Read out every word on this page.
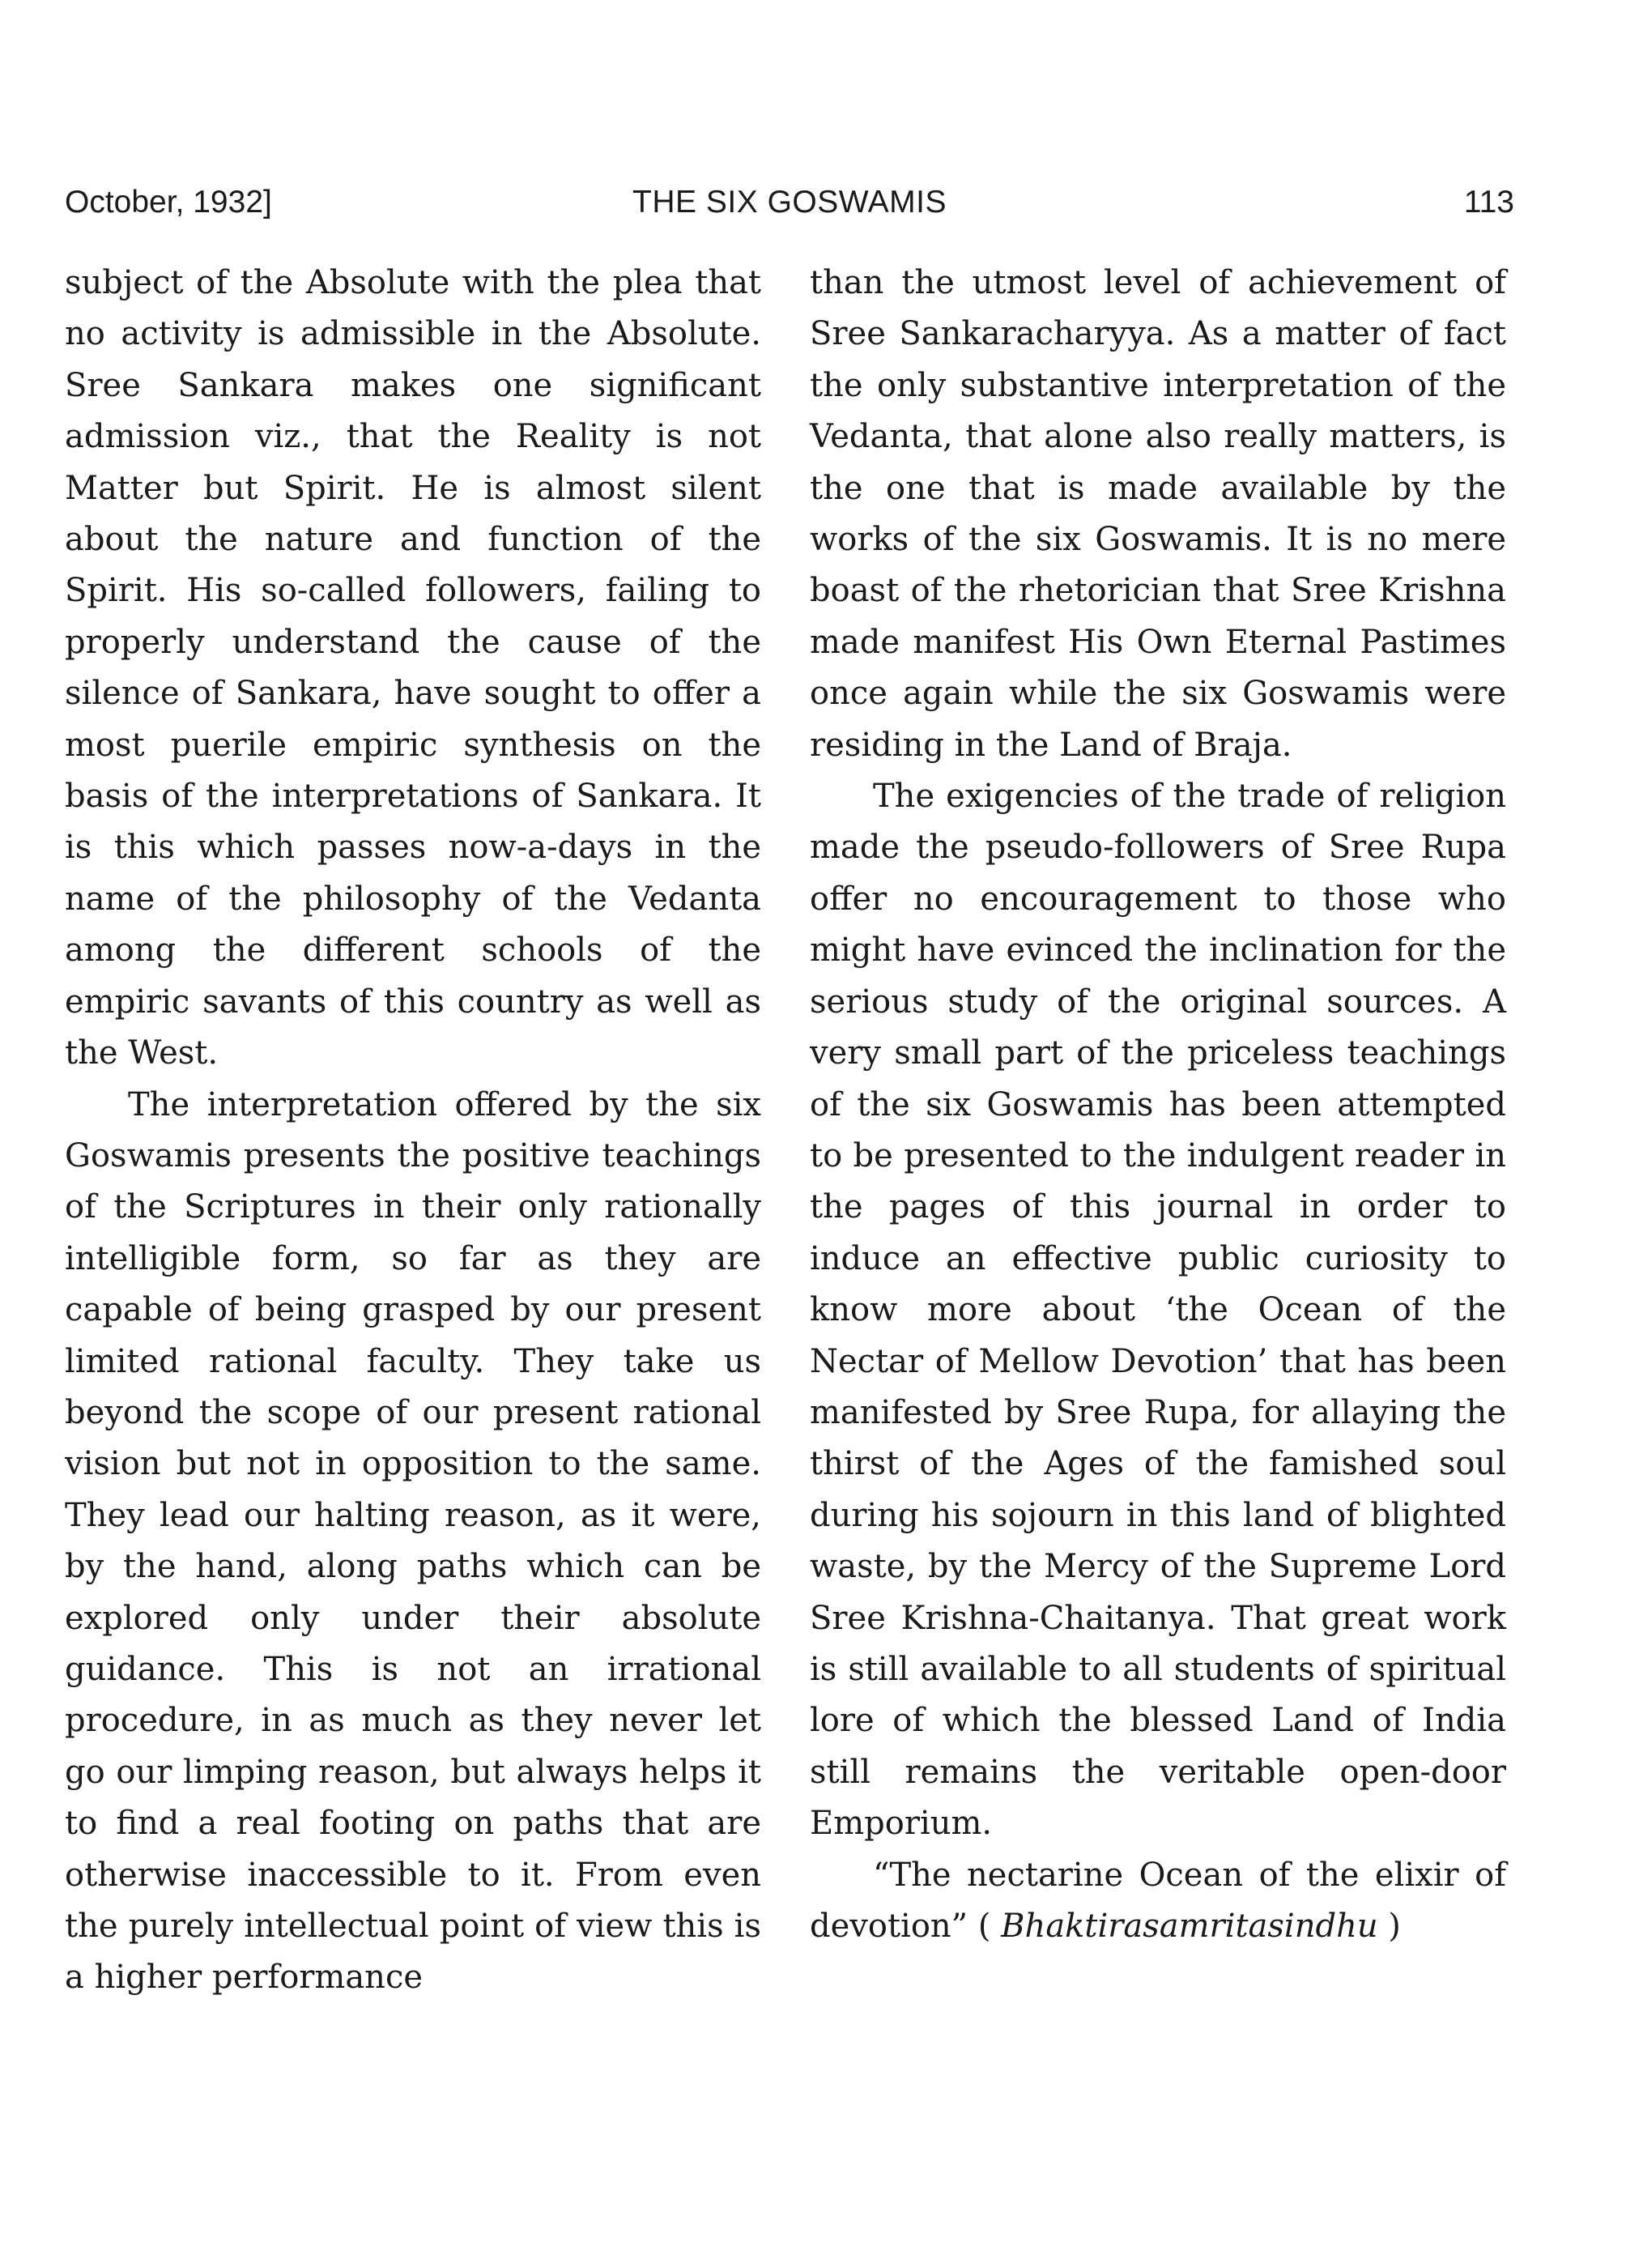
October, 1932]	THE SIX GOSWAMIS	113

subject of the Absolute with the plea that no activity is admissible in the Absolute. Sree Sankara makes one significant admission viz., that the Reality is not Matter but Spirit. He is almost silent about the nature and function of the Spirit. His so-called followers, failing to properly understand the cause of the silence of Sankara, have sought to offer a most puerile empiric synthesis on the basis of the interpretations of Sankara. It is this which passes now-a-days in the name of the philosophy of the Vedanta among the different schools of the empiric savants of this country as well as the West.

The interpretation offered by the six Goswamis presents the positive teachings of the Scriptures in their only rationally intelligible form, so far as they are capable of being grasped by our present limited rational faculty. They take us beyond the scope of our present rational vision but not in opposition to the same. They lead our halting reason, as it were, by the hand, along paths which can be explored only under their absolute guidance. This is not an irrational procedure, in as much as they never let go our limping reason, but always helps it to find a real footing on paths that are otherwise inaccessible to it. From even the purely intellectual point of view this is a higher performance

than the utmost level of achievement of Sree Sankaracharyya. As a matter of fact the only substantive interpretation of the Vedanta, that alone also really matters, is the one that is made available by the works of the six Goswamis. It is no mere boast of the rhetorician that Sree Krishna made manifest His Own Eternal Pastimes once again while the six Goswamis were residing in the Land of Braja.

The exigencies of the trade of religion made the pseudo-followers of Sree Rupa offer no encouragement to those who might have evinced the inclination for the serious study of the original sources. A very small part of the priceless teachings of the six Goswamis has been attempted to be presented to the indulgent reader in the pages of this journal in order to induce an effective public curiosity to know more about ‘the Ocean of the Nectar of Mellow Devotion’ that has been manifested by Sree Rupa, for allaying the thirst of the Ages of the famished soul during his sojourn in this land of blighted waste, by the Mercy of the Supreme Lord Sree Krishna-Chaitanya. That great work is still available to all students of spiritual lore of which the blessed Land of India still remains the veritable open-door Emporium.

“The nectarine Ocean of the elixir of devotion” ( Bhaktirasamritasindhu )
